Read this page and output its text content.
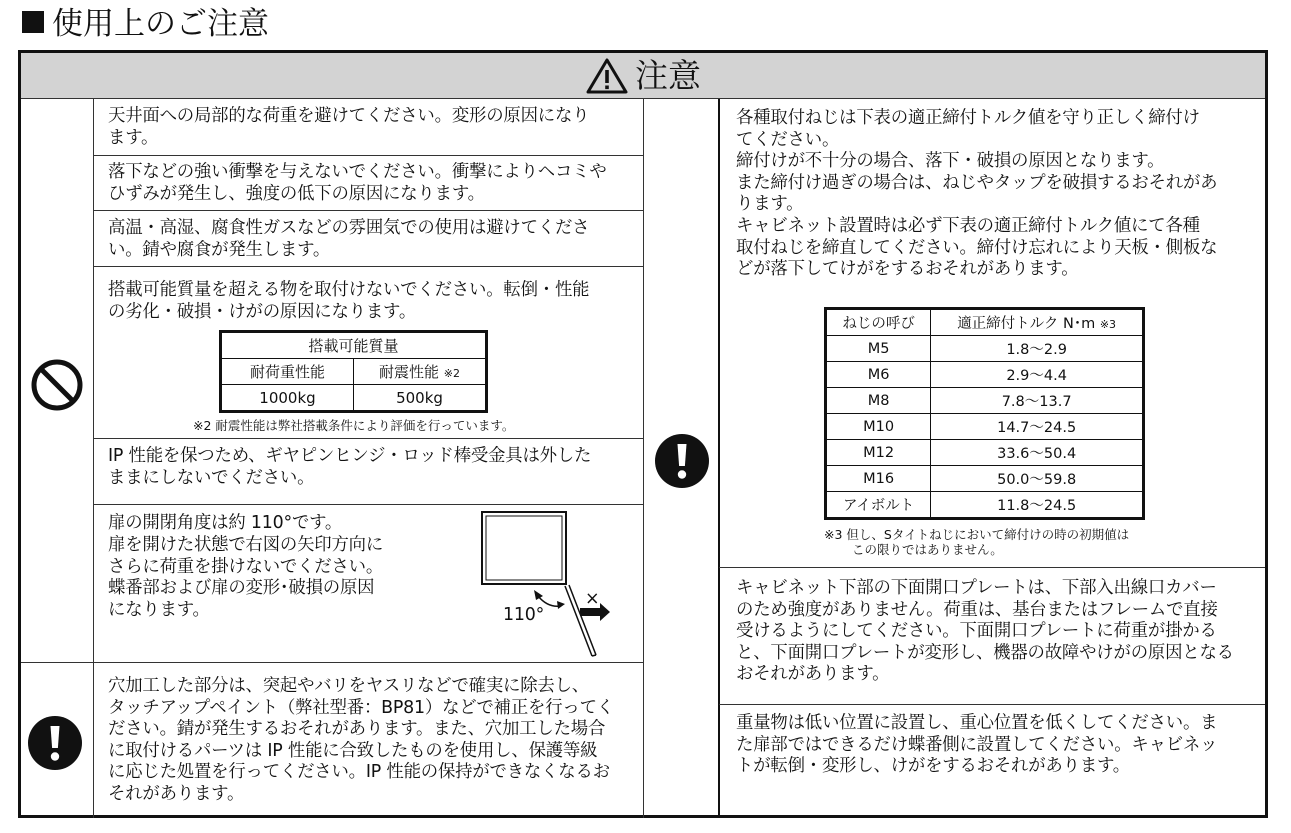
使用上のご注意
注意
天井面への局部的な荷重を避けてください。変形の原因になり
ます。
落下などの強い衝撃を与えないでください。衝撃によりヘコミや
ひずみが発生し、強度の低下の原因になります。
高温・高湿、腐食性ガスなどの雰囲気での使用は避けてくださ
い。錆や腐食が発生します。
搭載可能質量を超える物を取付けないでください。転倒・性能
の劣化・破損・けがの原因になります。
搭載可能質量	
耐荷重性能	耐震性能 ※2
1000kg	500kg
※2 耐震性能は弊社搭載条件により評価を行っています。
IP 性能を保つため、ギヤピンヒンジ・ロッド棒受金具は外した
ままにしないでください。
扉の開閉角度は約 110°です。
扉を開けた状態で右図の矢印方向に
さらに荷重を掛けないでください。
蝶番部および扉の変形･破損の原因
になります。	110°
×
穴加工した部分は、突起やバリをヤスリなどで確実に除去し、
タッチアップペイント（弊社型番：BP81）などで補正を行ってく
ださい。錆が発生するおそれがあります。また、穴加工した場合
に取付けるパーツは IP 性能に合致したものを使用し、保護等級
に応じた処置を行ってください。IP 性能の保持ができなくなるお
それがあります。
各種取付ねじは下表の適正締付トルク値を守り正しく締付け
てください。
締付けが不十分の場合、落下・破損の原因となります。
また締付け過ぎの場合は、ねじやタップを破損するおそれがあ
ります。
キャビネット設置時は必ず下表の適正締付トルク値にて各種
取付ねじを締直してください。締付け忘れにより天板・側板な
どが落下してけがをするおそれがあります。
ねじの呼び	適正締付トルク N･m ※3
M5	1.8～2.9
M6	2.9～4.4
M8	7.8～13.7
M10	14.7～24.5
M12	33.6～50.4
M16	50.0～59.8
アイボルト	11.8～24.5
※3 但し、Sタイトねじにおいて締付けの時の初期値は
この限りではありません。
キャビネット下部の下面開口プレートは、下部入出線口カバー
のため強度がありません。荷重は、基台またはフレームで直接
受けるようにしてください。下面開口プレートに荷重が掛かる
と、下面開口プレートが変形し、機器の故障やけがの原因となる
おそれがあります。
重量物は低い位置に設置し、重心位置を低くしてください。ま
た扉部ではできるだけ蝶番側に設置してください。キャビネッ
トが転倒・変形し、けがをするおそれがあります。
